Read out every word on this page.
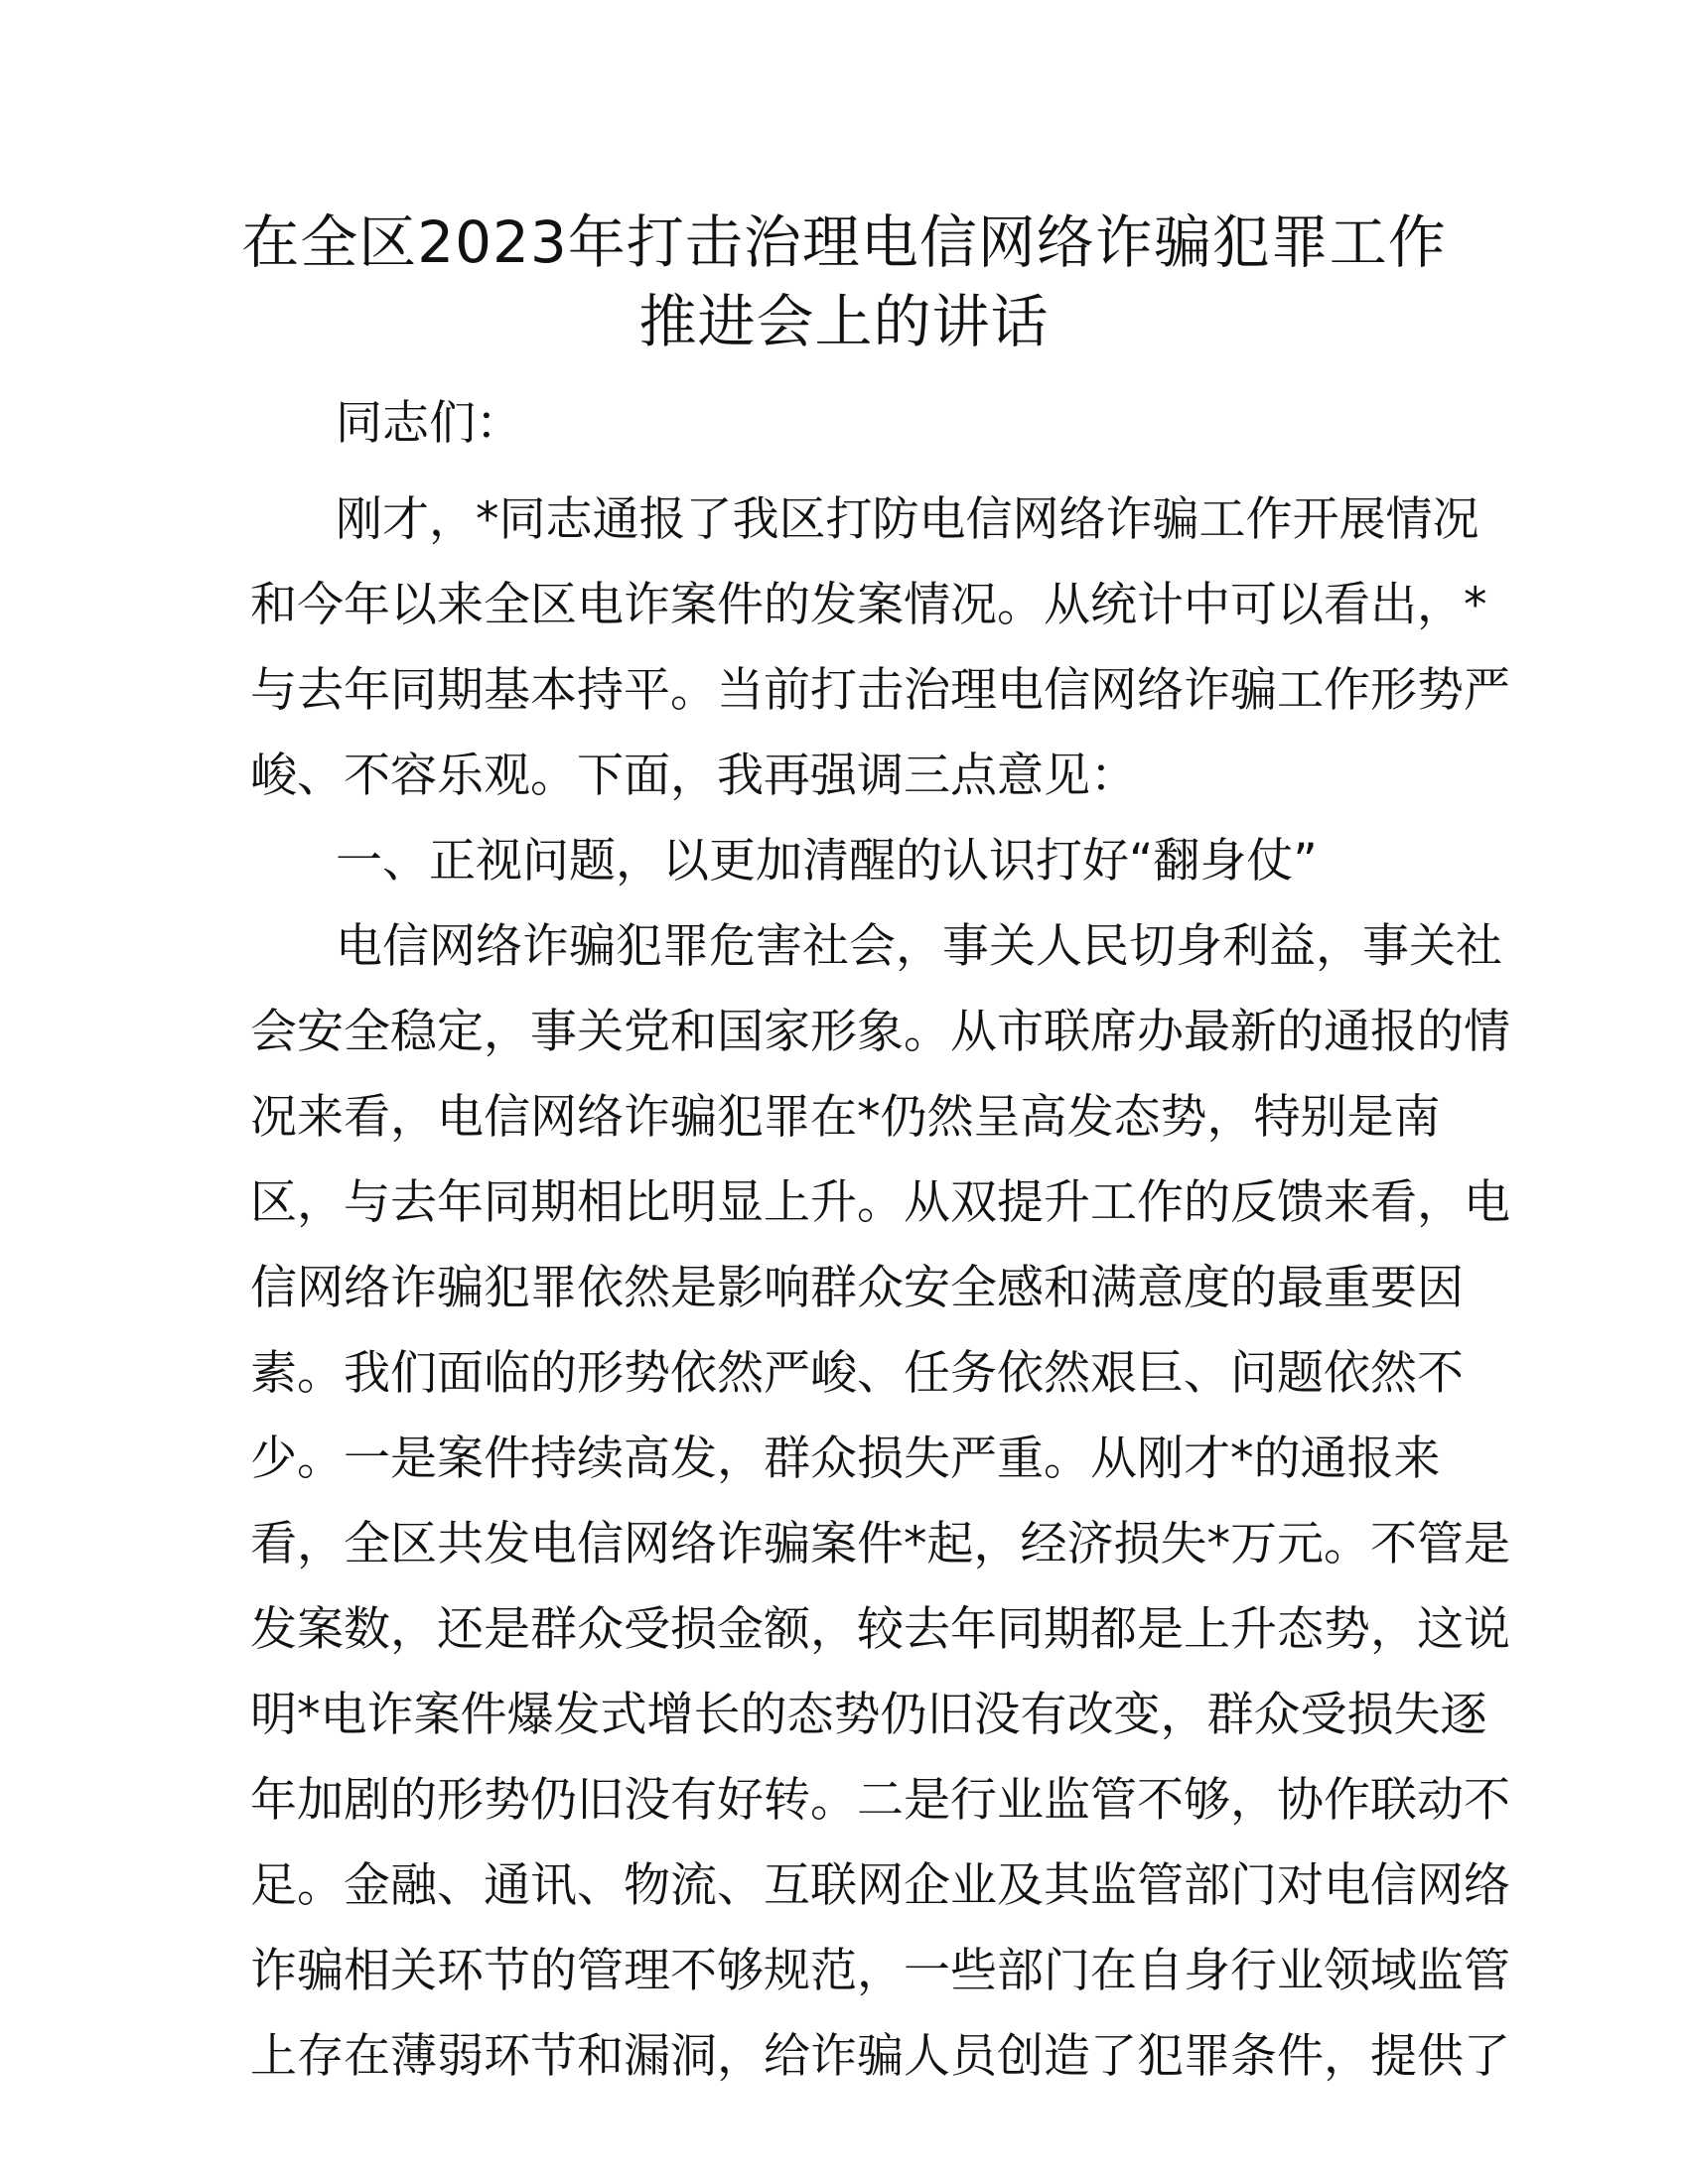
在全区2023年打击治理电信网络诈骗犯罪工作
推进会上的讲话
同志们：
刚才，*同志通报了我区打防电信网络诈骗工作开展情况
和今年以来全区电诈案件的发案情况。从统计中可以看出，*
与去年同期基本持平。当前打击治理电信网络诈骗工作形势严
峻、不容乐观。下面，我再强调三点意见：
一、正视问题，以更加清醒的认识打好“翻身仗”
电信网络诈骗犯罪危害社会，事关人民切身利益，事关社
会安全稳定，事关党和国家形象。从市联席办最新的通报的情
况来看，电信网络诈骗犯罪在*仍然呈高发态势，特别是南
区，与去年同期相比明显上升。从双提升工作的反馈来看，电
信网络诈骗犯罪依然是影响群众安全感和满意度的最重要因
素。我们面临的形势依然严峻、任务依然艰巨、问题依然不
少。一是案件持续高发，群众损失严重。从刚才*的通报来
看，全区共发电信网络诈骗案件*起，经济损失*万元。不管是
发案数，还是群众受损金额，较去年同期都是上升态势，这说
明*电诈案件爆发式增长的态势仍旧没有改变，群众受损失逐
年加剧的形势仍旧没有好转。二是行业监管不够，协作联动不
足。金融、通讯、物流、互联网企业及其监管部门对电信网络
诈骗相关环节的管理不够规范，一些部门在自身行业领域监管
上存在薄弱环节和漏洞，给诈骗人员创造了犯罪条件，提供了
